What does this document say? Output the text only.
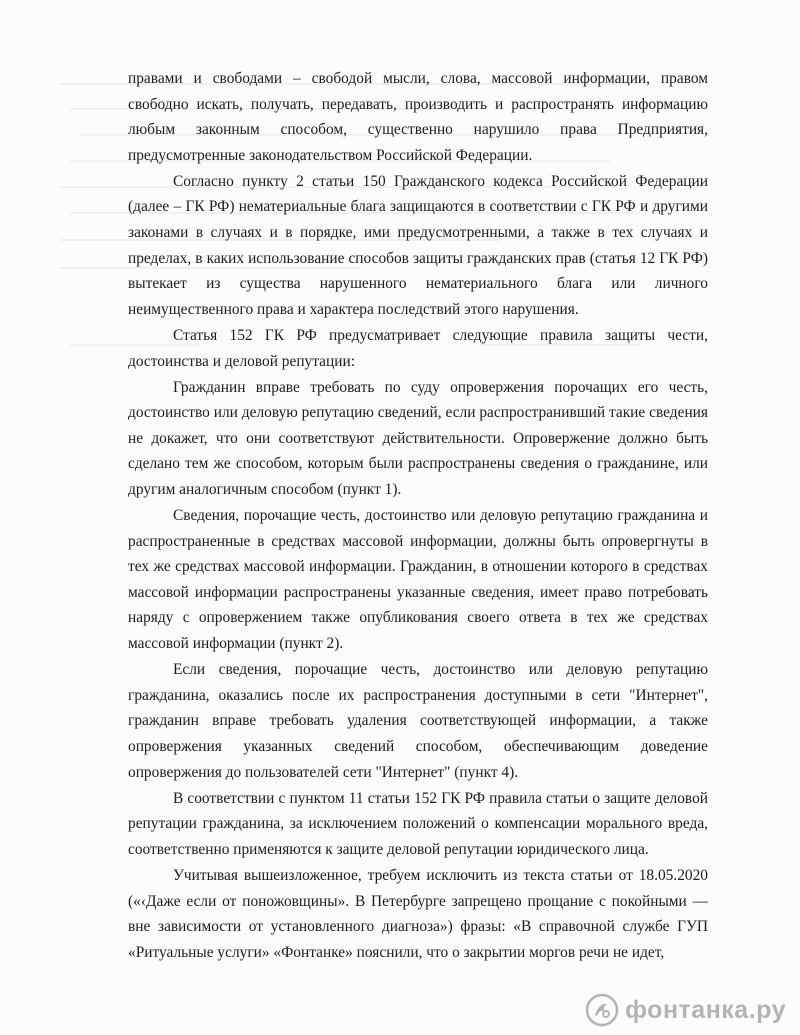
правами и свободами – свободой мысли, слова, массовой информации, правом свободно искать, получать, передавать, производить и распространять информацию любым законным способом, существенно нарушило права Предприятия, предусмотренные законодательством Российской Федерации.

Согласно пункту 2 статьи 150 Гражданского кодекса Российской Федерации (далее – ГК РФ) нематериальные блага защищаются в соответствии с ГК РФ и другими законами в случаях и в порядке, ими предусмотренными, а также в тех случаях и пределах, в каких использование способов защиты гражданских прав (статья 12 ГК РФ) вытекает из существа нарушенного нематериального блага или личного неимущественного права и характера последствий этого нарушения.

Статья 152 ГК РФ предусматривает следующие правила защиты чести, достоинства и деловой репутации:

Гражданин вправе требовать по суду опровержения порочащих его честь, достоинство или деловую репутацию сведений, если распространивший такие сведения не докажет, что они соответствуют действительности. Опровержение должно быть сделано тем же способом, которым были распространены сведения о гражданине, или другим аналогичным способом (пункт 1).

Сведения, порочащие честь, достоинство или деловую репутацию гражданина и распространенные в средствах массовой информации, должны быть опровергнуты в тех же средствах массовой информации. Гражданин, в отношении которого в средствах массовой информации распространены указанные сведения, имеет право потребовать наряду с опровержением также опубликования своего ответа в тех же средствах массовой информации (пункт 2).

Если сведения, порочащие честь, достоинство или деловую репутацию гражданина, оказались после их распространения доступными в сети "Интернет", гражданин вправе требовать удаления соответствующей информации, а также опровержения указанных сведений способом, обеспечивающим доведение опровержения до пользователей сети "Интернет" (пункт 4).

В соответствии с пунктом 11 статьи 152 ГК РФ правила статьи о защите деловой репутации гражданина, за исключением положений о компенсации морального вреда, соответственно применяются к защите деловой репутации юридического лица.

Учитывая вышеизложенное, требуем исключить из текста статьи от 18.05.2020 («‹Даже если от поножовщины». В Петербурге запрещено прощание с покойными — вне зависимости от установленного диагноза») фразы: «В справочной службе ГУП «Ритуальные услуги» «Фонтанке» пояснили, что о закрытии моргов речи не идет,

фонтанка.ру
